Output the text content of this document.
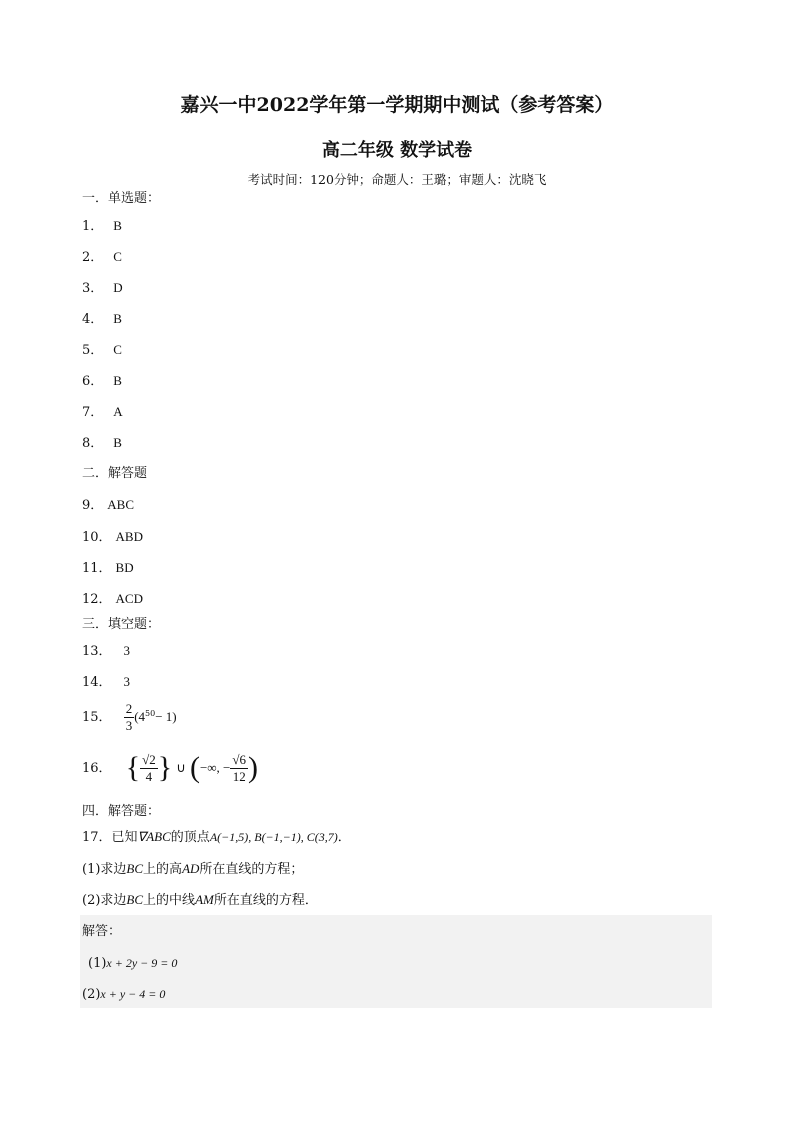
嘉兴一中2022学年第一学期期中测试（参考答案）
高二年级 数学试卷
考试时间：120分钟；命题人：王璐；审题人：沈晓飞
一．单选题：
1． B
2． C
3． D
4． B
5． C
6． B
7． A
8． B
二．解答题
9． ABC
10． ABD
11． BD
12． ACD
三．填空题：
13． 3
14． 3
15． $\frac{2}{3} (4^{50}- 1)$
16． { $\frac{√2}{4}$ } ∪ (−∞, − $\frac{√6}{12}$ )
四．解答题：
17．已知∇ABC的顶点A(−1,5), B(−1,−1), C(3,7)．
(1)求边BC上的高AD所在直线的方程；
(2)求边BC上的中线AM所在直线的方程．
解答：
(1)x + 2y − 9 = 0
(2)x + y − 4 = 0
